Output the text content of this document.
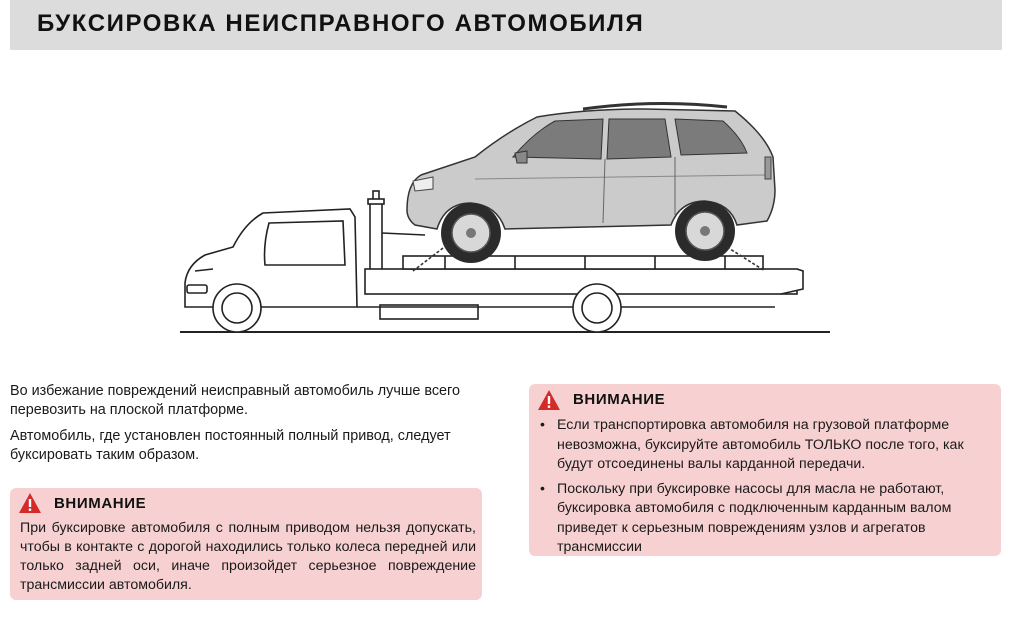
БУКСИРОВКА НЕИСПРАВНОГО АВТОМОБИЛЯ

Во избежание повреждений неисправный автомобиль лучше всего перевозить на плоской платформе.

Автомобиль, где установлен постоянный полный привод, следует буксировать таким образом.

ВНИМАНИЕ
При буксировке автомобиля с полным приводом нельзя допускать, чтобы в контакте с дорогой находились только колеса передней или только задней оси, иначе произойдет серьезное повреждение трансмиссии автомобиля.
ВНИМАНИЕ
• Если транспортировка автомобиля на грузовой платформе невозможна, буксируйте автомобиль ТОЛЬКО после того, как будут отсоединены валы карданной передачи.
• Поскольку при буксировке насосы для масла не работают, буксировка автомобиля с подключенным карданным валом приведет к серьезным повреждениям узлов и агрегатов трансмиссии
